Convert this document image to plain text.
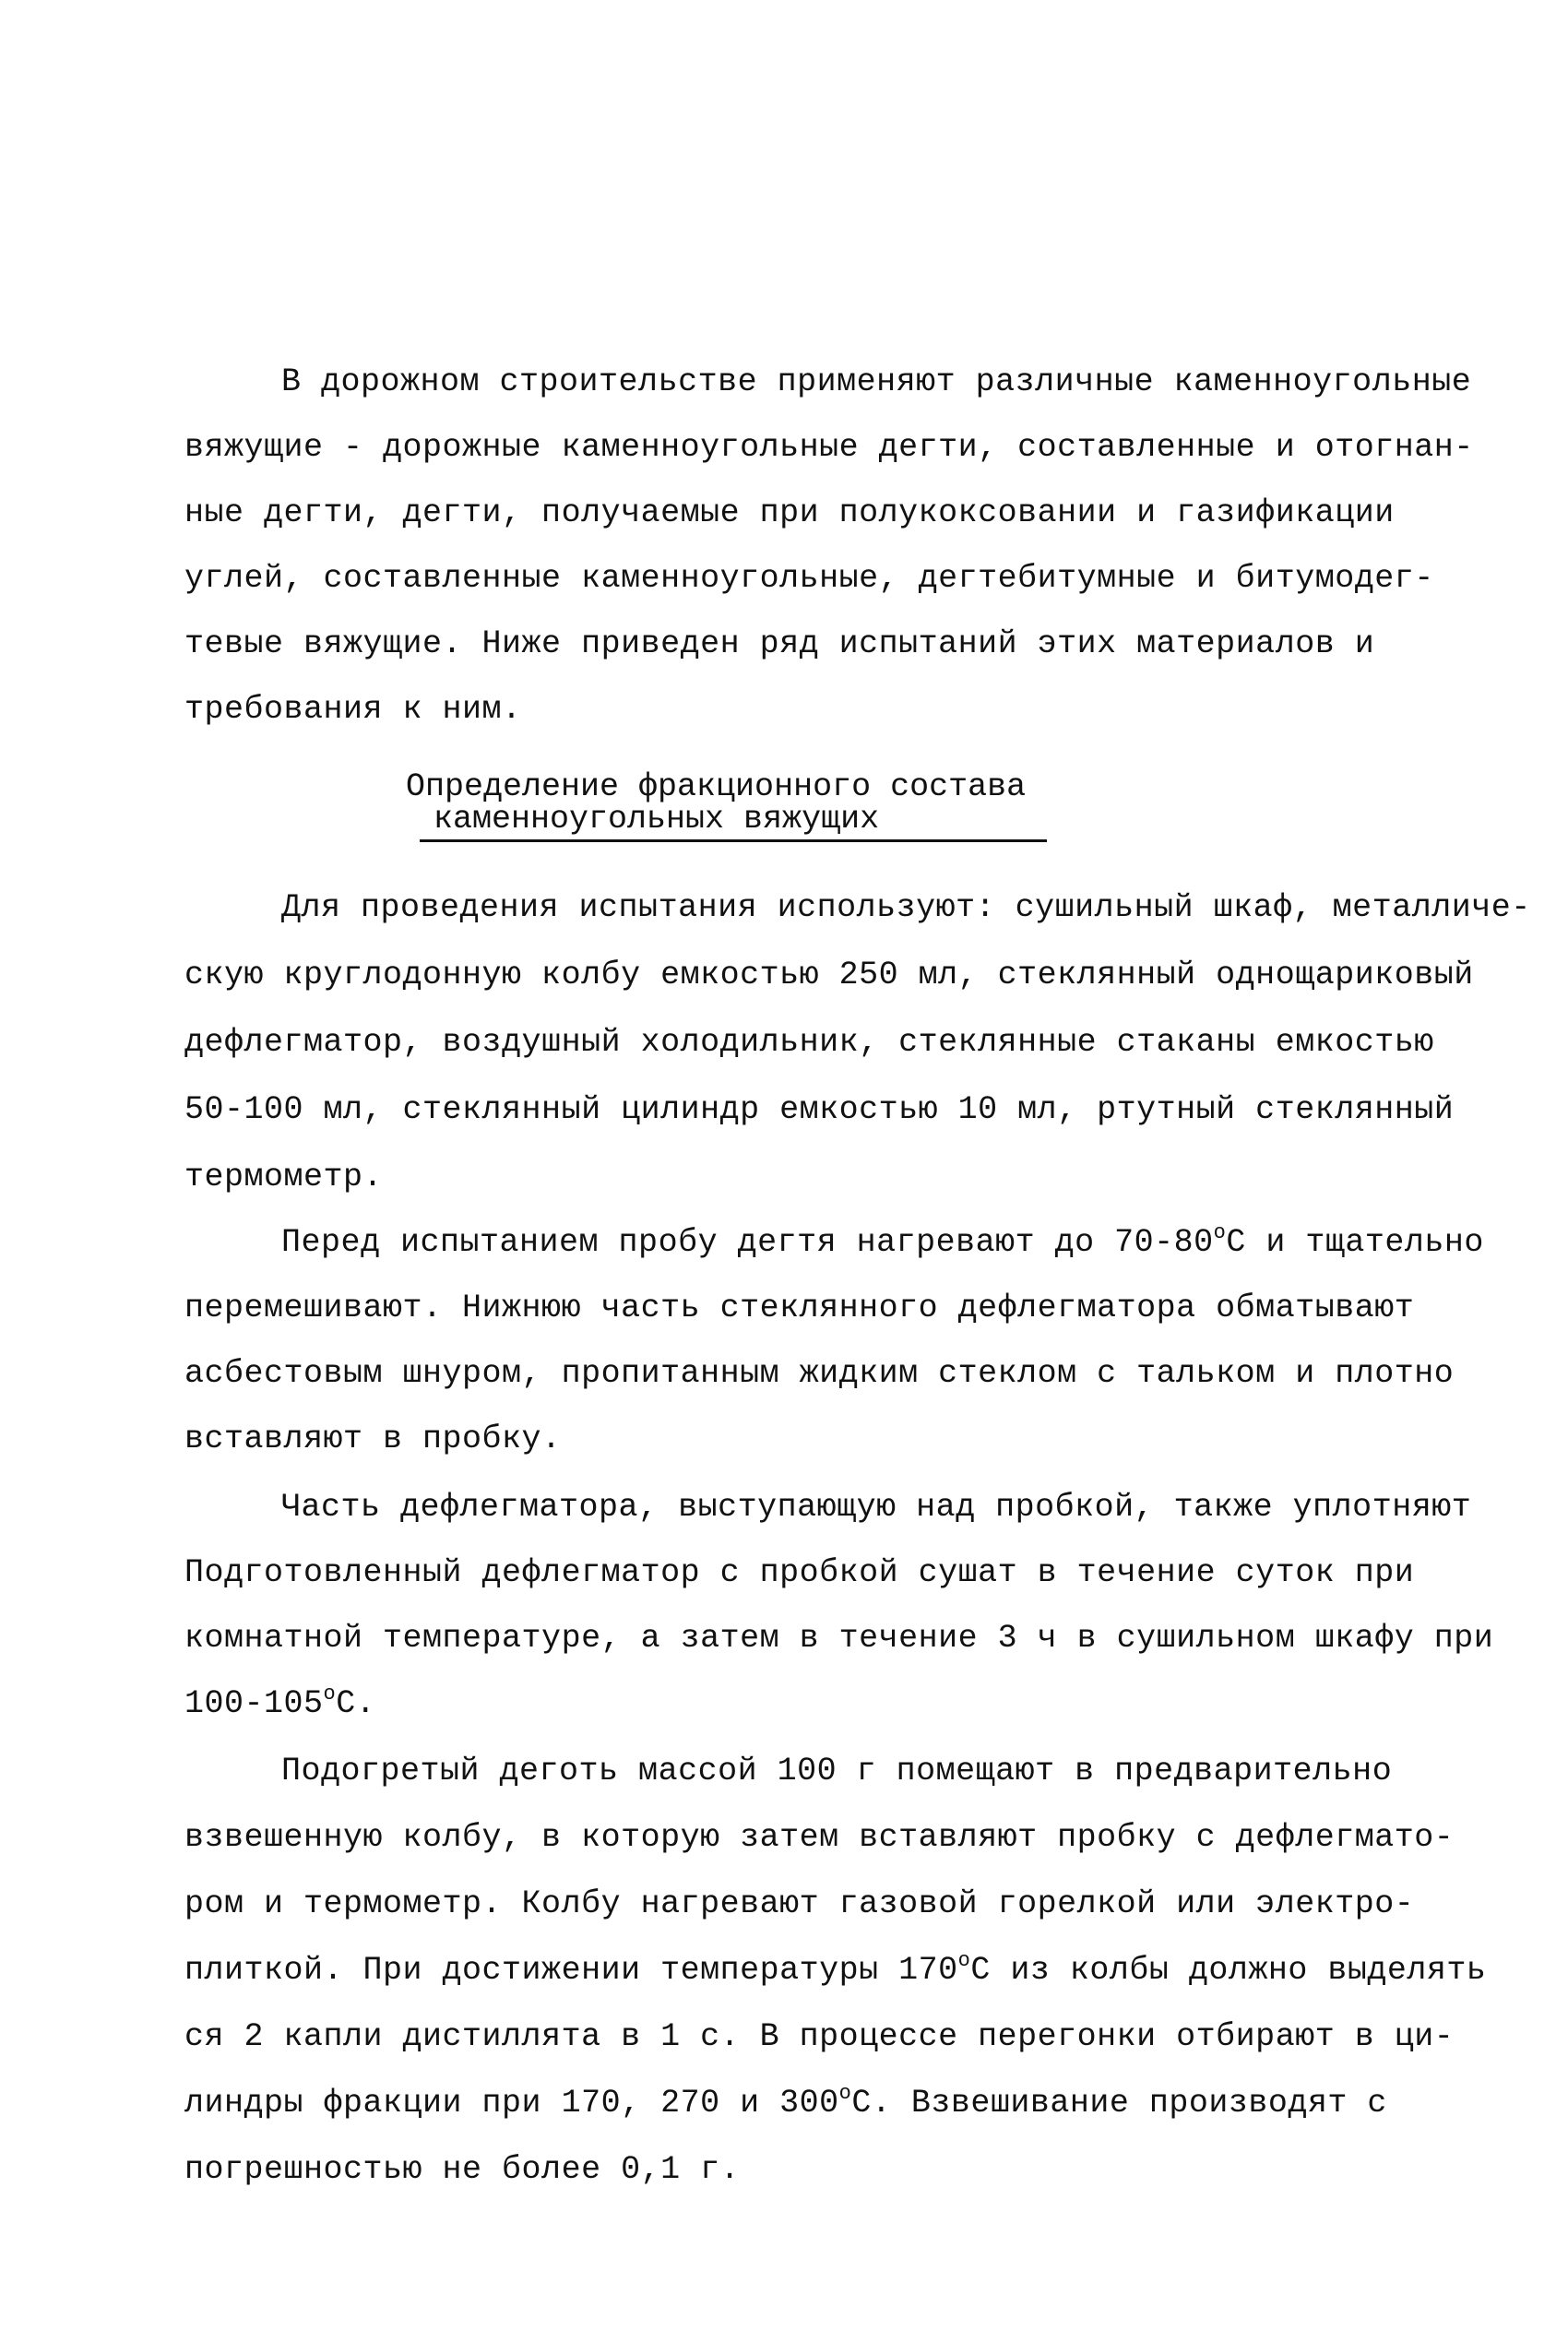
В дорожном строительстве применяют различные каменноугольные
вяжущие - дорожные каменноугольные дегти, составленные и отогнан-
ные дегти, дегти, получаемые при полукоксовании и газификации
углей, составленные каменноугольные, дегтебитумные и битумодег-
тевые вяжущие. Ниже приведен ряд испытаний этих материалов и
требования к ним.
Определение фракционного состава
каменноугольных вяжущих
Для проведения испытания используют: сушильный шкаф, металличе-
скую круглодонную колбу емкостью 250 мл, стеклянный однощариковый
дефлегматор, воздушный холодильник, стеклянные стаканы емкостью
50-100 мл, стеклянный цилиндр емкостью 10 мл, ртутный стеклянный
термометр.
Перед испытанием пробу дегтя нагревают до $70-80^оС$ и тщательно
перемешивают. Нижнюю часть стеклянного дефлегматора обматывают
асбестовым шнуром, пропитанным жидким стеклом с тальком и плотно
вставляют в пробку.
Часть дефлегматора, выступающую над пробкой, также уплотняют
Подготовленный дефлегматор с пробкой сушат в течение суток при
комнатной температуре, а затем в течение 3 ч в сушильном шкафу при
$100-105^оС$.
Подогретый деготь массой 100 г помещают в предварительно
взвешенную колбу, в которую затем вставляют пробку с дефлегмато-
ром и термометр. Колбу нагревают газовой горелкой или электро-
плиткой. При достижении температуры $170^оС$ из колбы должно выделять
ся 2 капли дистиллята в 1 с. В процессе перегонки отбирают в ци-
линдры фракции при 170, 270 и $300^оС$. Взвешивание производят с
погрешностью не более 0,1 г.
